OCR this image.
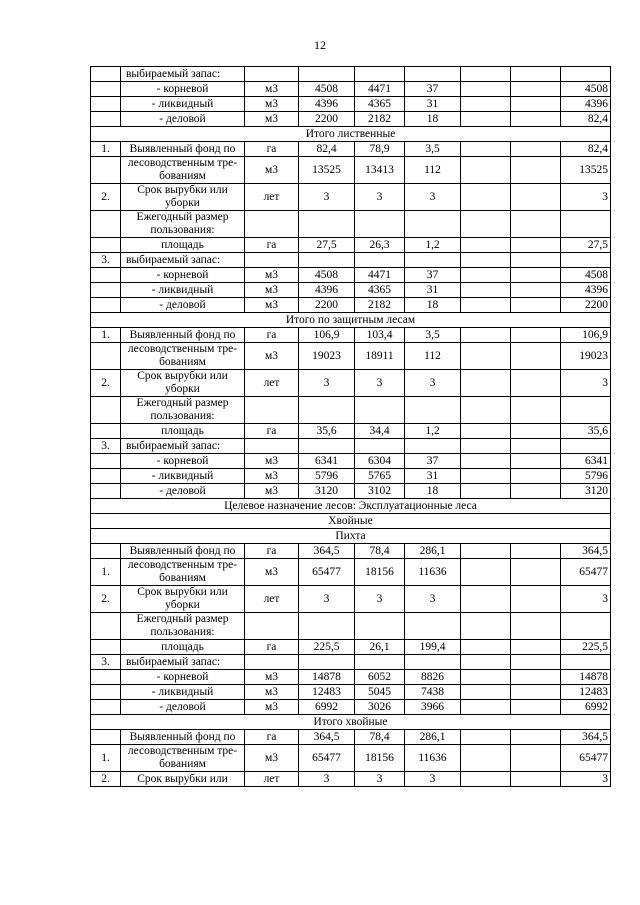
12
	выбираемый запас:							
	- корневой	м3	4508	4471	37			4508
	- ликвидный	м3	4396	4365	31			4396
	- деловой	м3	2200	2182	18			82,4
Итого лиственные								
1.	Выявленный фонд по	га	82,4	78,9	3,5			82,4
	лесоводственным тре- бованиям	м3	13525	13413	112			13525
2.	Срок вырубки или уборки	лет	3	3	3			3
	Ежегодный размер пользования:							
	площадь	га	27,5	26,3	1,2			27,5
3.	выбираемый запас:							
	- корневой	м3	4508	4471	37			4508
	- ликвидный	м3	4396	4365	31			4396
	- деловой	м3	2200	2182	18			2200
Итого по защитным лесам								
1.	Выявленный фонд по	га	106,9	103,4	3,5			106,9
	лесоводственным тре- бованиям	м3	19023	18911	112			19023
2.	Срок вырубки или уборки	лет	3	3	3			3
	Ежегодный размер пользования:							
	площадь	га	35,6	34,4	1,2			35,6
3.	выбираемый запас:							
	- корневой	м3	6341	6304	37			6341
	- ликвидный	м3	5796	5765	31			5796
	- деловой	м3	3120	3102	18			3120
Целевое назначение лесов: Эксплуатационные леса								
Хвойные								
Пихта								
	Выявленный фонд по	га	364,5	78,4	286,1			364,5
1.	лесоводственным тре- бованиям	м3	65477	18156	11636			65477
2.	Срок вырубки или уборки	лет	3	3	3			3
	Ежегодный размер пользования:							
	площадь	га	225,5	26,1	199,4			225,5
3.	выбираемый запас:							
	- корневой	м3	14878	6052	8826			14878
	- ликвидный	м3	12483	5045	7438			12483
	- деловой	м3	6992	3026	3966			6992
Итого хвойные								
	Выявленный фонд по	га	364,5	78,4	286,1			364,5
1.	лесоводственным тре- бованиям	м3	65477	18156	11636			65477
2.	Срок вырубки или	лет	3	3	3			3
